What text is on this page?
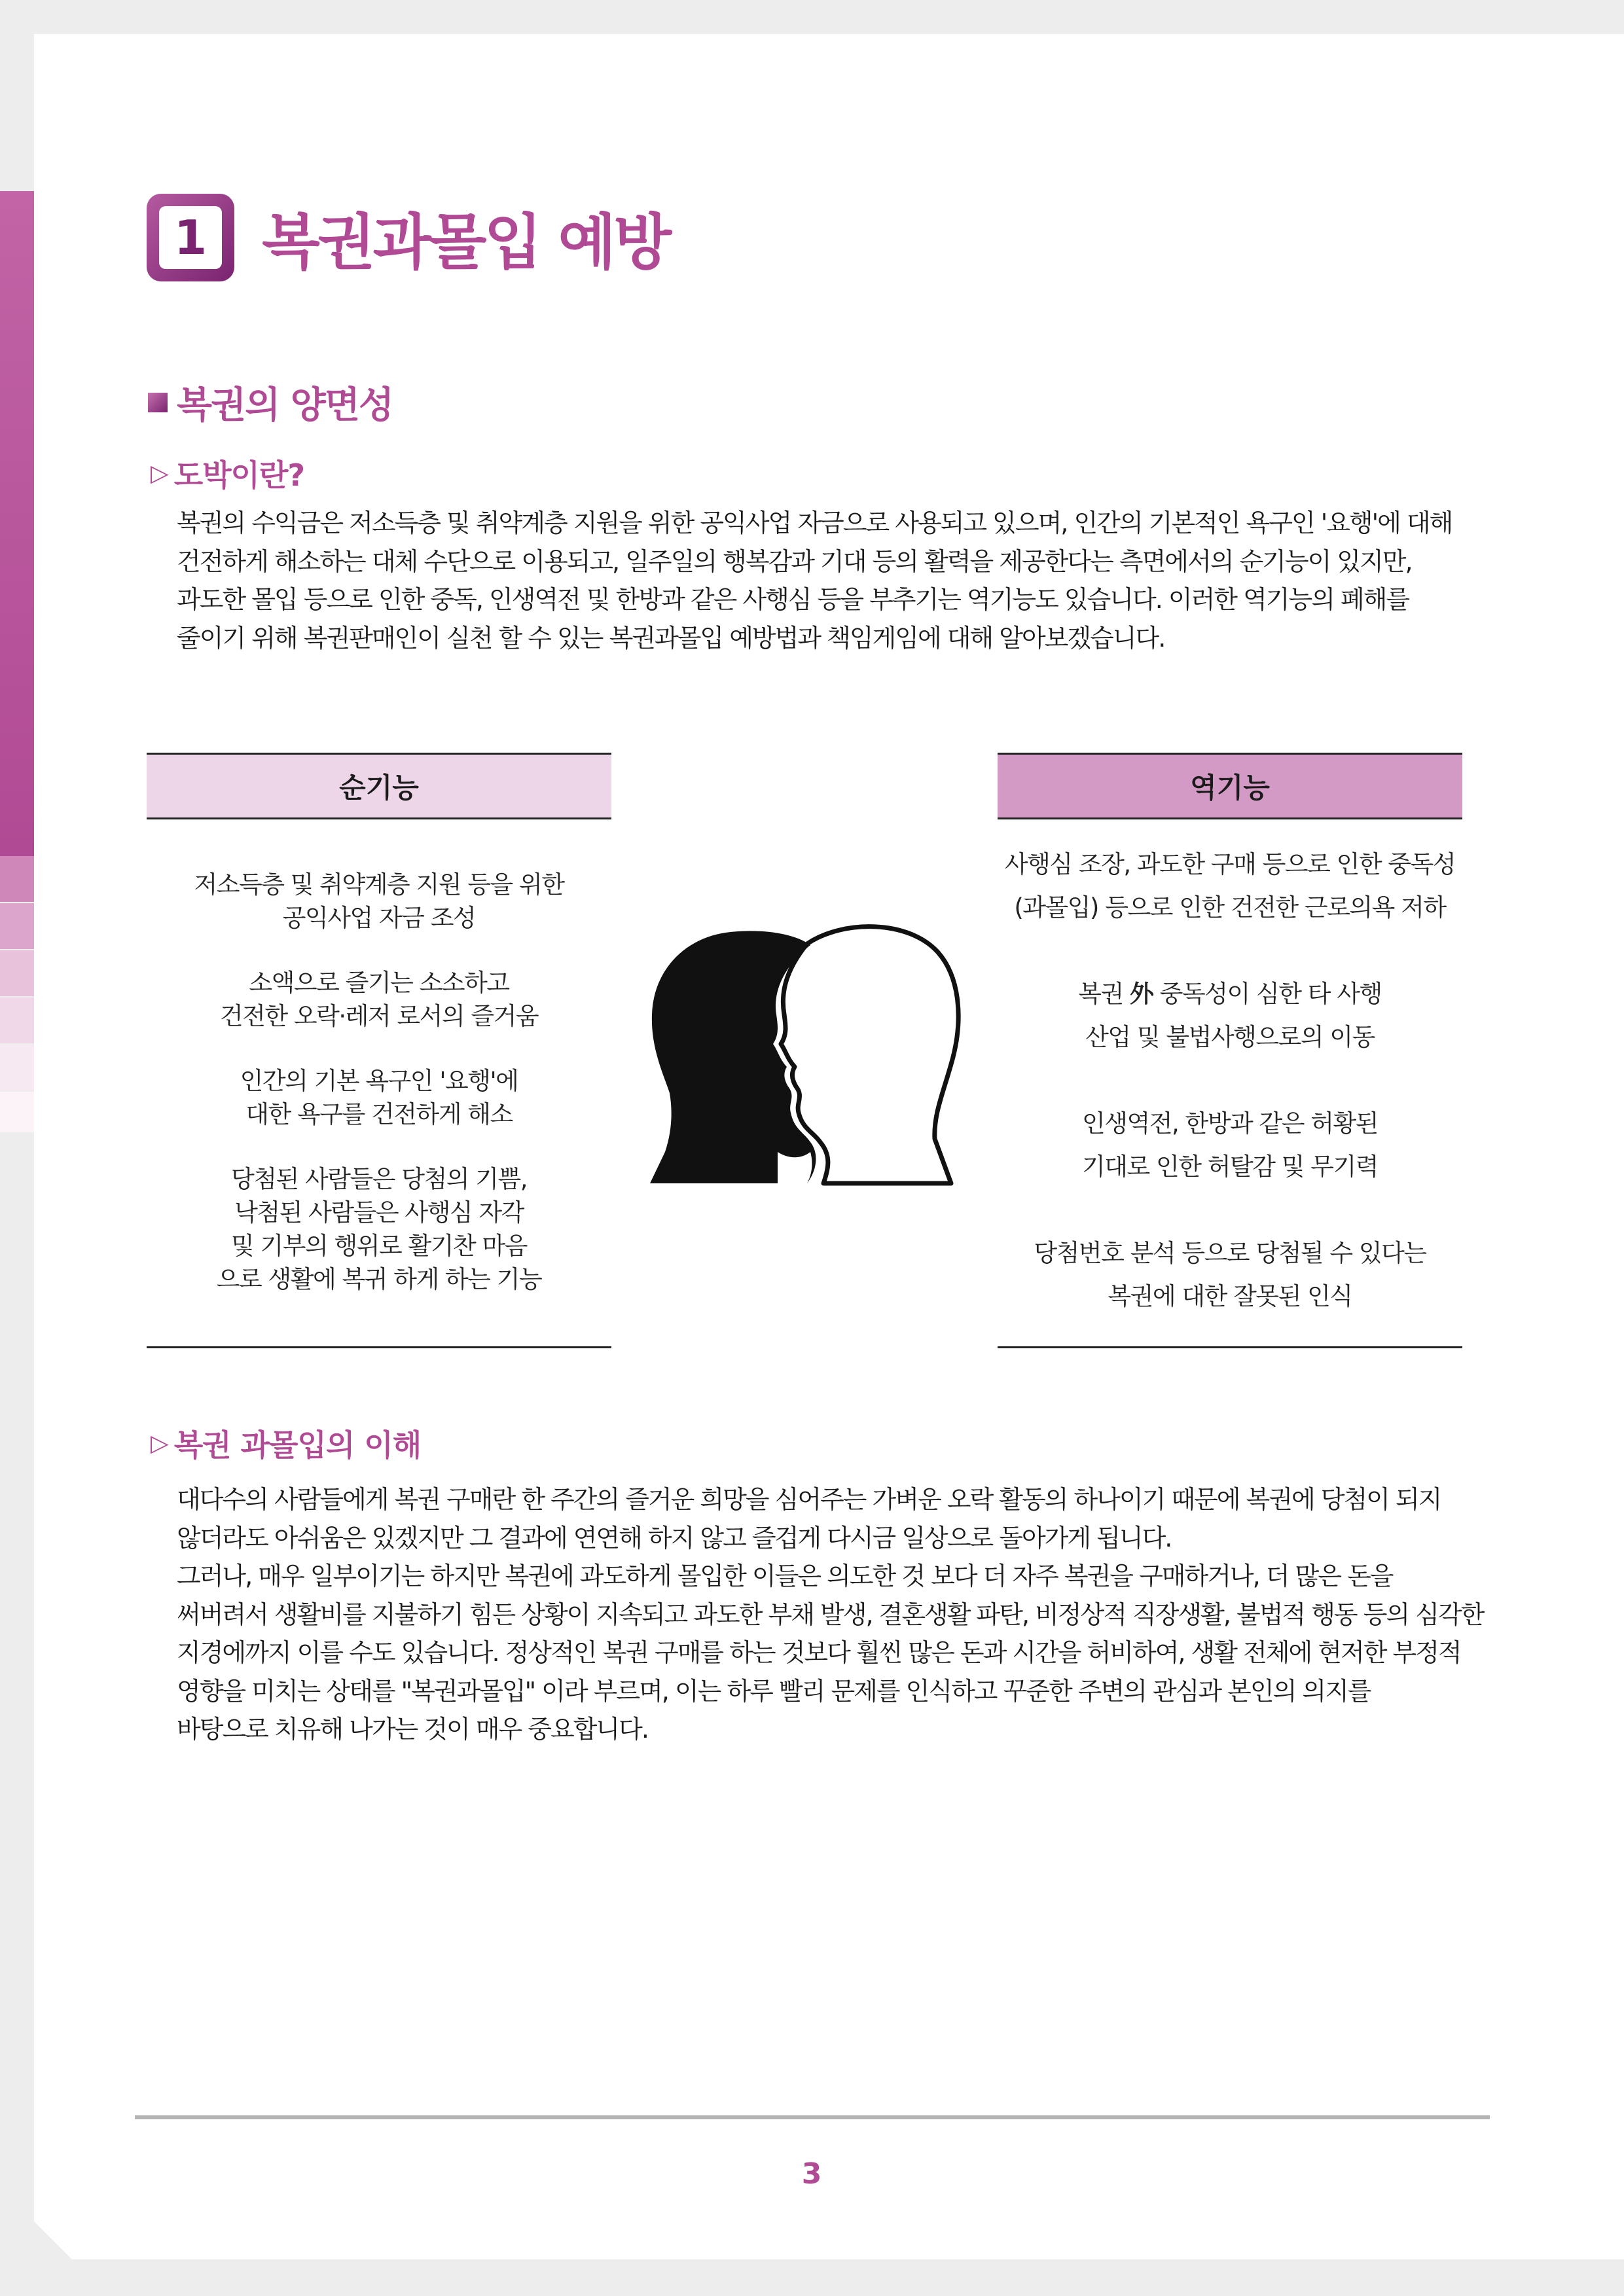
1 복권과몰입 예방
복권의 양면성
▷ 도박이란?
복권의 수익금은 저소득층 및 취약계층 지원을 위한 공익사업 자금으로 사용되고 있으며, 인간의 기본적인 욕구인 '요행'에 대해
건전하게 해소하는 대체 수단으로 이용되고, 일주일의 행복감과 기대 등의 활력을 제공한다는 측면에서의 순기능이 있지만,
과도한 몰입 등으로 인한 중독, 인생역전 및 한방과 같은 사행심 등을 부추기는 역기능도 있습니다. 이러한 역기능의 폐해를
줄이기 위해 복권판매인이 실천 할 수 있는 복권과몰입 예방법과 책임게임에 대해 알아보겠습니다.
순기능	역기능
저소득층 및 취약계층 지원 등을 위한
공익사업 자금 조성
소액으로 즐기는 소소하고
건전한 오락·레저 로서의 즐거움
인간의 기본 욕구인 '요행'에
대한 욕구를 건전하게 해소
당첨된 사람들은 당첨의 기쁨,
낙첨된 사람들은 사행심 자각
및 기부의 행위로 활기찬 마음
으로 생활에 복귀 하게 하는 기능
사행심 조장, 과도한 구매 등으로 인한 중독성
(과몰입) 등으로 인한 건전한 근로의욕 저하
복권 外 중독성이 심한 타 사행
산업 및 불법사행으로의 이동
인생역전, 한방과 같은 허황된
기대로 인한 허탈감 및 무기력
당첨번호 분석 등으로 당첨될 수 있다는
복권에 대한 잘못된 인식
▷ 복권 과몰입의 이해
대다수의 사람들에게 복권 구매란 한 주간의 즐거운 희망을 심어주는 가벼운 오락 활동의 하나이기 때문에 복권에 당첨이 되지
않더라도 아쉬움은 있겠지만 그 결과에 연연해 하지 않고 즐겁게 다시금 일상으로 돌아가게 됩니다.
그러나, 매우 일부이기는 하지만 복권에 과도하게 몰입한 이들은 의도한 것 보다 더 자주 복권을 구매하거나, 더 많은 돈을
써버려서 생활비를 지불하기 힘든 상황이 지속되고 과도한 부채 발생, 결혼생활 파탄, 비정상적 직장생활, 불법적 행동 등의 심각한
지경에까지 이를 수도 있습니다. 정상적인 복권 구매를 하는 것보다 훨씬 많은 돈과 시간을 허비하여, 생활 전체에 현저한 부정적
영향을 미치는 상태를 "복권과몰입" 이라 부르며, 이는 하루 빨리 문제를 인식하고 꾸준한 주변의 관심과 본인의 의지를
바탕으로 치유해 나가는 것이 매우 중요합니다.
3
